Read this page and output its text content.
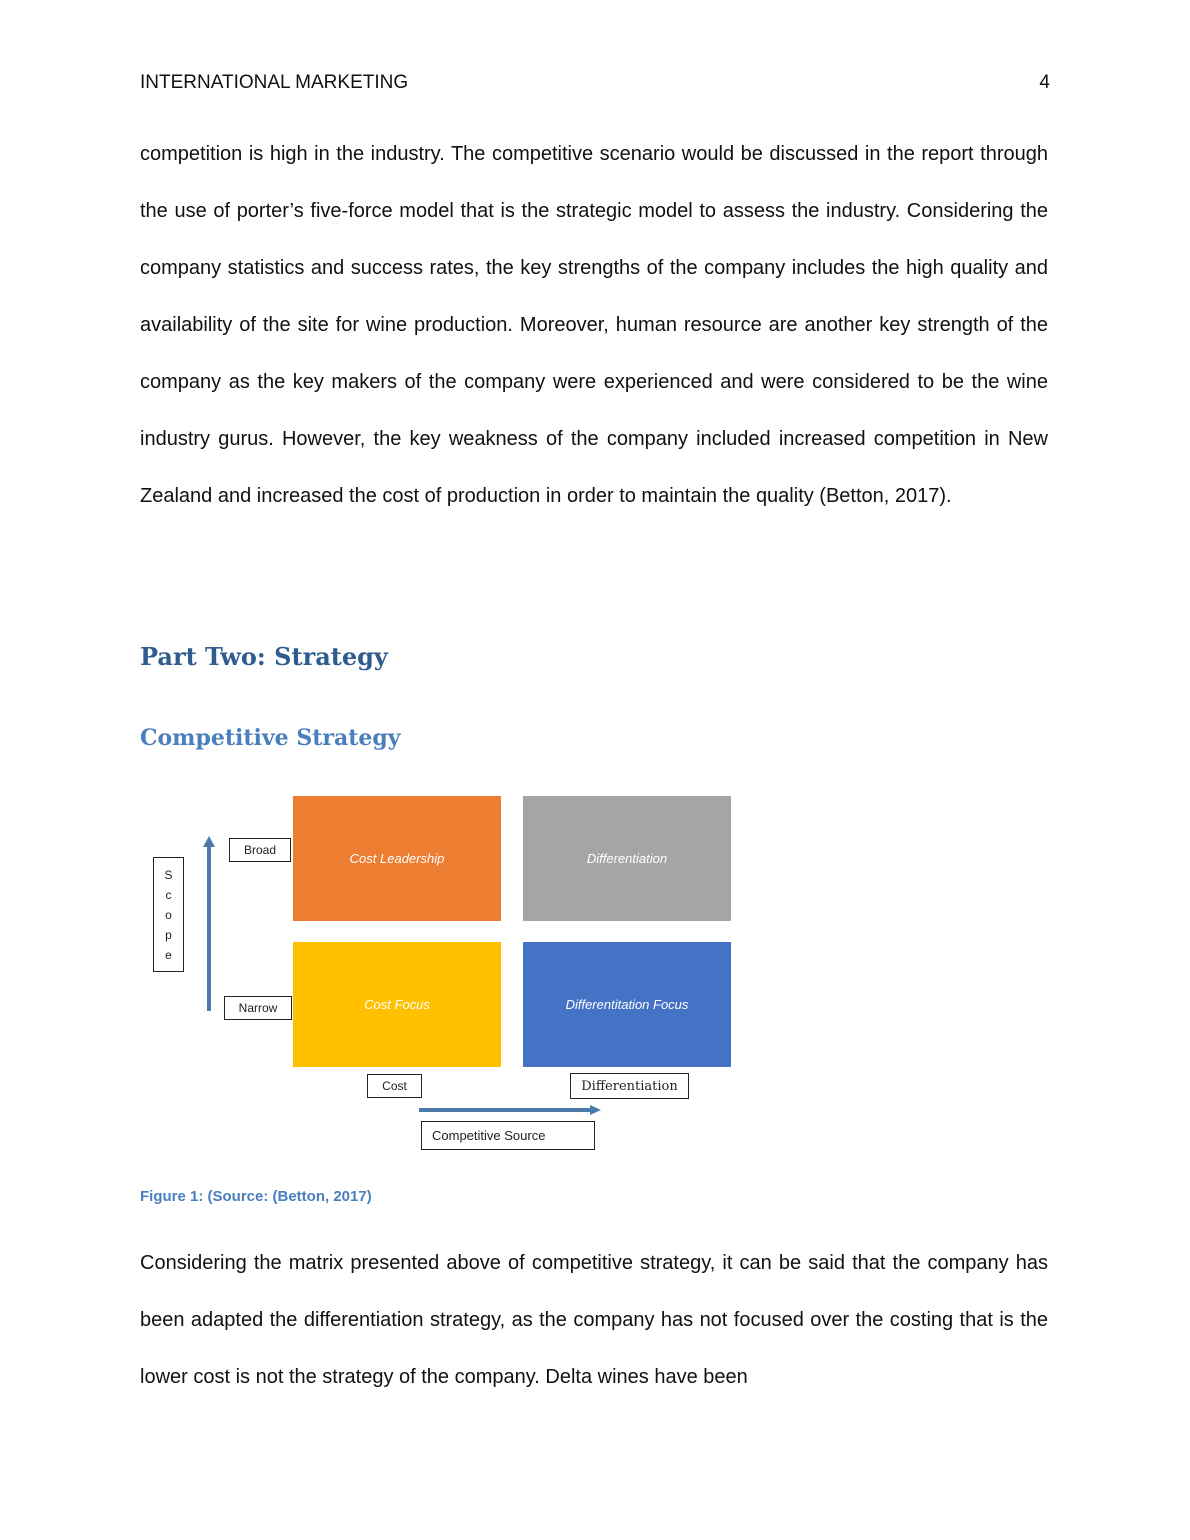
INTERNATIONAL MARKETING	4

competition is high in the industry. The competitive scenario would be discussed in the report through the use of porter’s five-force model that is the strategic model to assess the industry. Considering the company statistics and success rates, the key strengths of the company includes the high quality and availability of the site for wine production. Moreover, human resource are another key strength of the company as the key makers of the company were experienced and were considered to be the wine industry gurus. However, the key weakness of the company included increased competition in New Zealand and increased the cost of production in order to maintain the quality (Betton, 2017).

Part Two: Strategy
Competitive Strategy
Cost Leadership	Differentiation
Cost Focus	Differentitation Focus
S
c
o
p
e
Broad
Narrow
Cost	Differentiation
Competitive Source
Figure 1: (Source: (Betton, 2017)

Considering the matrix presented above of competitive strategy, it can be said that the company has been adapted the differentiation strategy, as the company has not focused over the costing that is the lower cost is not the strategy of the company. Delta wines have been
